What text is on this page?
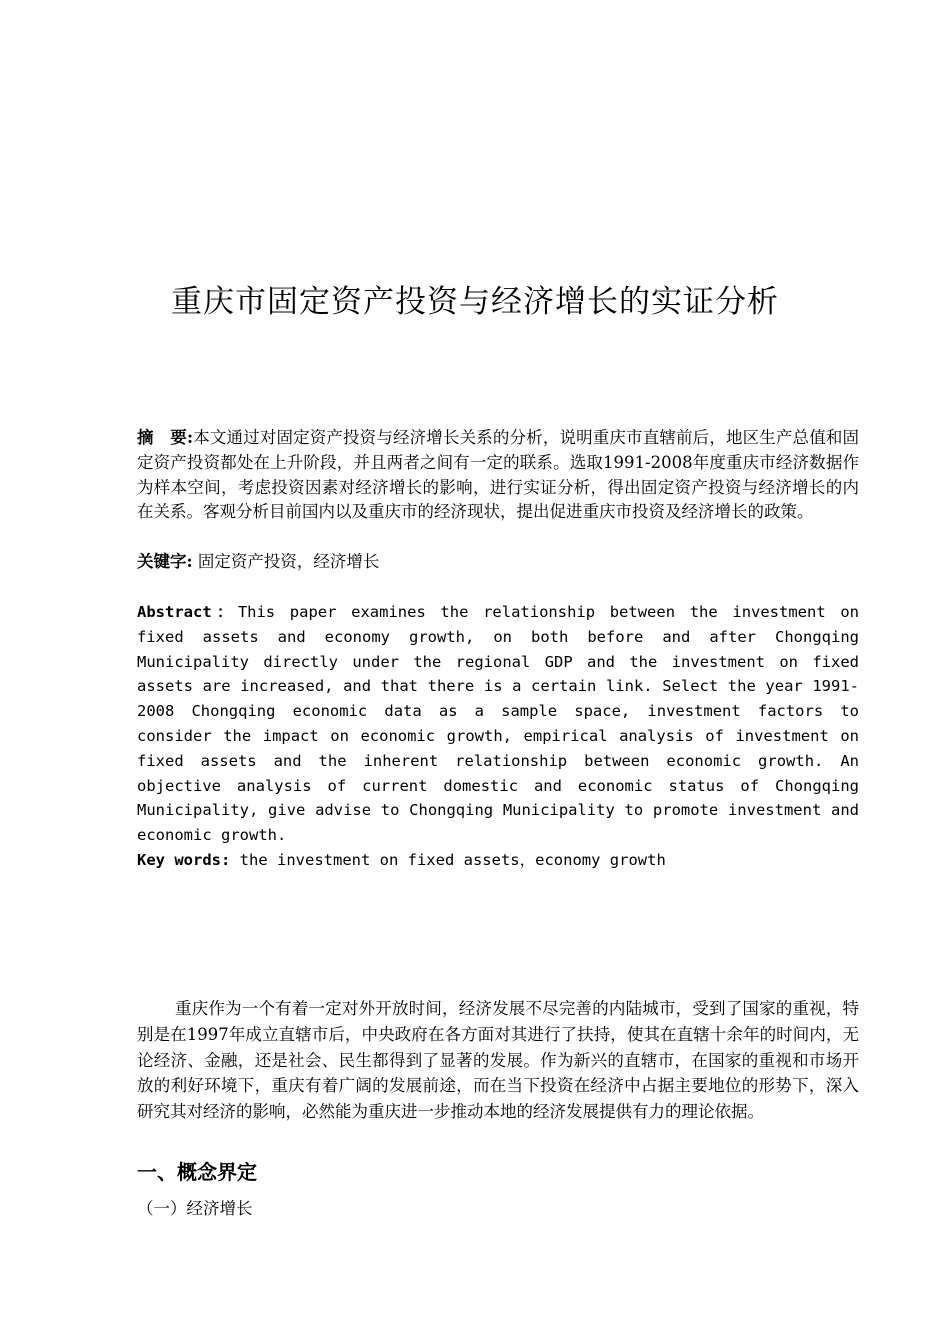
重庆市固定资产投资与经济增长的实证分析
摘　要:本文通过对固定资产投资与经济增长关系的分析，说明重庆市直辖前后，地区生产总值和固定资产投资都处在上升阶段，并且两者之间有一定的联系。选取1991-2008年度重庆市经济数据作为样本空间，考虑投资因素对经济增长的影响，进行实证分析，得出固定资产投资与经济增长的内在关系。客观分析目前国内以及重庆市的经济现状，提出促进重庆市投资及经济增长的政策。
关键字: 固定资产投资，经济增长
Abstract：This paper examines the relationship between the investment on fixed assets and economy growth, on both before and after Chongqing Municipality directly under the regional GDP and the investment on fixed assets are increased, and that there is a certain link. Select the year 1991-2008 Chongqing economic data as a sample space, investment factors to consider the impact on economic growth, empirical analysis of investment on fixed assets and the inherent relationship between economic growth. An objective analysis of current domestic and economic status of Chongqing Municipality, give advise to Chongqing Municipality to promote investment and economic growth.
Key words: the investment on fixed assets，economy growth
重庆作为一个有着一定对外开放时间，经济发展不尽完善的内陆城市，受到了国家的重视，特别是在1997年成立直辖市后，中央政府在各方面对其进行了扶持，使其在直辖十余年的时间内，无论经济、金融，还是社会、民生都得到了显著的发展。作为新兴的直辖市，在国家的重视和市场开放的利好环境下，重庆有着广阔的发展前途，而在当下投资在经济中占据主要地位的形势下，深入研究其对经济的影响，必然能为重庆进一步推动本地的经济发展提供有力的理论依据。
一、概念界定
（一）经济增长
